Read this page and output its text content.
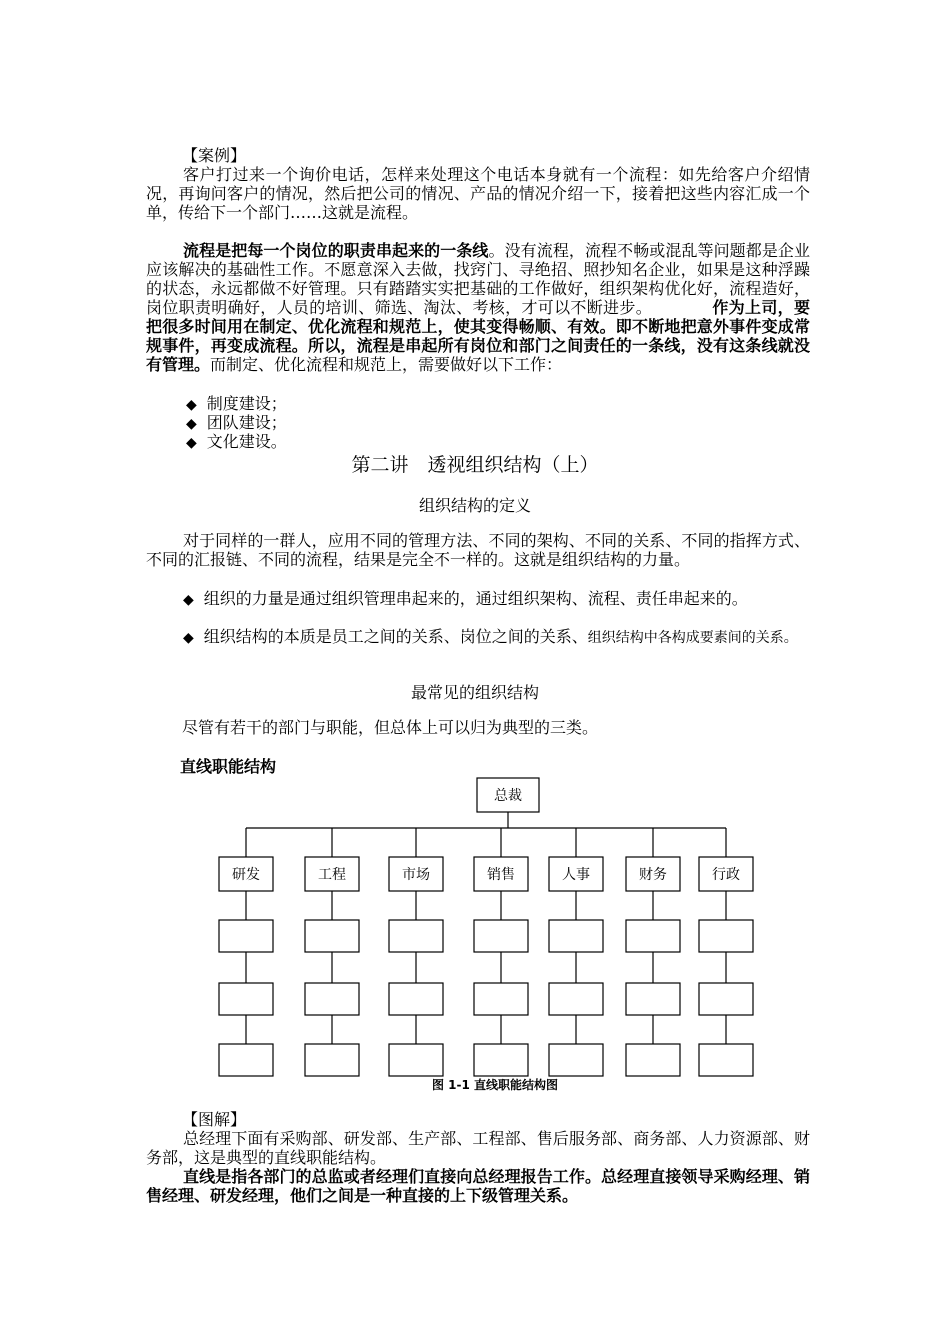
【案例】

客户打过来一个询价电话，怎样来处理这个电话本身就有一个流程：如先给客户介绍情况，再询问客户的情况，然后把公司的情况、产品的情况介绍一下，接着把这些内容汇成一个单，传给下一个部门……这就是流程。

流程是把每一个岗位的职责串起来的一条线。没有流程，流程不畅或混乱等问题都是企业应该解决的基础性工作。不愿意深入去做，找窍门、寻绝招、照抄知名企业，如果是这种浮躁的状态，永远都做不好管理。只有踏踏实实把基础的工作做好，组织架构优化好，流程造好，岗位职责明确好，人员的培训、筛选、淘汰、考核，才可以不断进步。	作为上司，要把很多时间用在制定、优化流程和规范上，使其变得畅顺、有效。即不断地把意外事件变成常规事件，再变成流程。所以，流程是串起所有岗位和部门之间责任的一条线，没有这条线就没有管理。而制定、优化流程和规范上，需要做好以下工作：

◆ 制度建设；
◆ 团队建设；
◆ 文化建设。
第二讲　透视组织结构（上）
组织结构的定义

对于同样的一群人，应用不同的管理方法、不同的架构、不同的关系、不同的指挥方式、不同的汇报链、不同的流程，结果是完全不一样的。这就是组织结构的力量。

◆ 组织的力量是通过组织管理串起来的，通过组织架构、流程、责任串起来的。

◆ 组织结构的本质是员工之间的关系、岗位之间的关系、组织结构中各构成要素间的关系。

最常见的组织结构
尽管有若干的部门与职能，但总体上可以归为典型的三类。
直线职能结构
总裁
研发	工程	市场	销售	人事	财务	行政
图 1-1 直线职能结构图
【图解】

总经理下面有采购部、研发部、生产部、工程部、售后服务部、商务部、人力资源部、财务部，这是典型的直线职能结构。

直线是指各部门的总监或者经理们直接向总经理报告工作。总经理直接领导采购经理、销售经理、研发经理，他们之间是一种直接的上下级管理关系。
